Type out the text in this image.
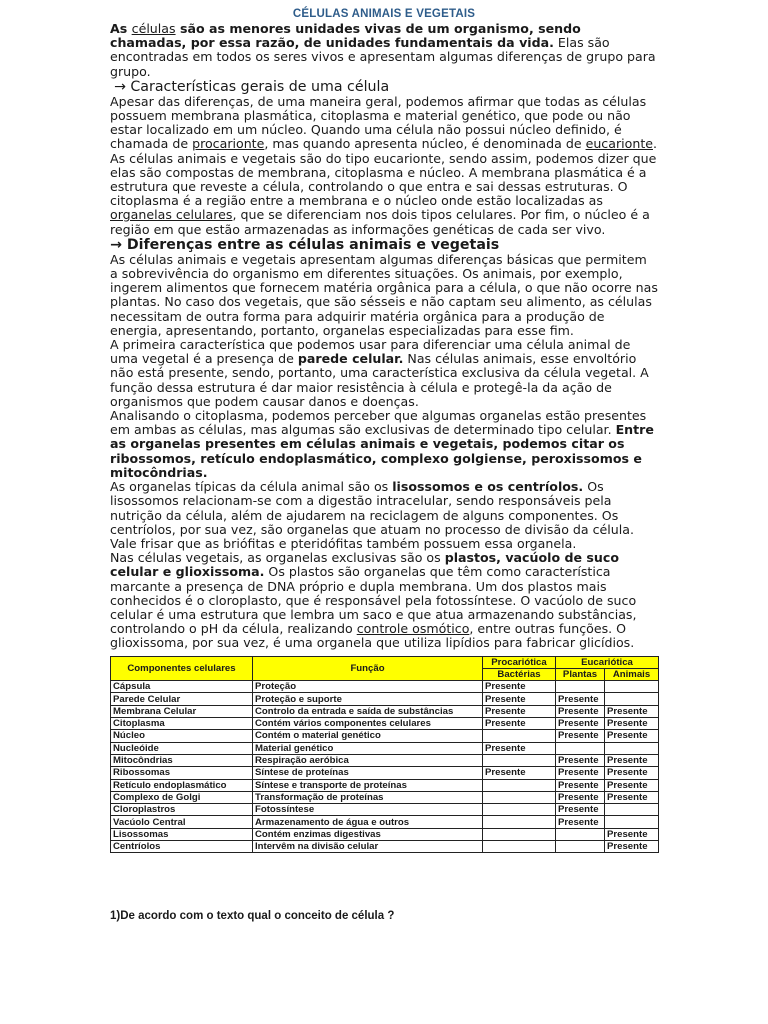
CÉLULAS ANIMAIS E VEGETAIS

As células são as menores unidades vivas de um organismo, sendo chamadas, por essa razão, de unidades fundamentais da vida. Elas são encontradas em todos os seres vivos e apresentam algumas diferenças de grupo para grupo.

→ Características gerais de uma célula

Apesar das diferenças, de uma maneira geral, podemos afirmar que todas as células possuem membrana plasmática, citoplasma e material genético, que pode ou não estar localizado em um núcleo. Quando uma célula não possui núcleo definido, é chamada de procarionte, mas quando apresenta núcleo, é denominada de eucarionte.

As células animais e vegetais são do tipo eucarionte, sendo assim, podemos dizer que elas são compostas de membrana, citoplasma e núcleo. A membrana plasmática é a estrutura que reveste a célula, controlando o que entra e sai dessas estruturas. O citoplasma é a região entre a membrana e o núcleo onde estão localizadas as organelas celulares, que se diferenciam nos dois tipos celulares. Por fim, o núcleo é a região em que estão armazenadas as informações genéticas de cada ser vivo.

→ Diferenças entre as células animais e vegetais

As células animais e vegetais apresentam algumas diferenças básicas que permitem a sobrevivência do organismo em diferentes situações. Os animais, por exemplo, ingerem alimentos que fornecem matéria orgânica para a célula, o que não ocorre nas plantas. No caso dos vegetais, que são sésseis e não captam seu alimento, as células necessitam de outra forma para adquirir matéria orgânica para a produção de energia, apresentando, portanto, organelas especializadas para esse fim.

A primeira característica que podemos usar para diferenciar uma célula animal de uma vegetal é a presença de parede celular. Nas células animais, esse envoltório não está presente, sendo, portanto, uma característica exclusiva da célula vegetal. A função dessa estrutura é dar maior resistência à célula e protegê-la da ação de organismos que podem causar danos e doenças.

Analisando o citoplasma, podemos perceber que algumas organelas estão presentes em ambas as células, mas algumas são exclusivas de determinado tipo celular. Entre as organelas presentes em células animais e vegetais, podemos citar os ribossomos, retículo endoplasmático, complexo golgiense, peroxissomos e mitocôndrias.

As organelas típicas da célula animal são os lisossomos e os centríolos. Os lisossomos relacionam-se com a digestão intracelular, sendo responsáveis pela nutrição da célula, além de ajudarem na reciclagem de alguns componentes. Os centríolos, por sua vez, são organelas que atuam no processo de divisão da célula. Vale frisar que as briófitas e pteridófitas também possuem essa organela.

Nas células vegetais, as organelas exclusivas são os plastos, vacúolo de suco celular e glioxissoma. Os plastos são organelas que têm como característica marcante a presença de DNA próprio e dupla membrana. Um dos plastos mais conhecidos é o cloroplasto, que é responsável pela fotossíntese. O vacúolo de suco celular é uma estrutura que lembra um saco e que atua armazenando substâncias, controlando o pH da célula, realizando controle osmótico, entre outras funções. O glioxissoma, por sua vez, é uma organela que utiliza lipídios para fabricar glicídios.

Componentes celulares	Função	Procariótica	Eucariótica	
		Bactérias	Plantas	Animais
Cápsula	Proteção	Presente		
Parede Celular	Proteção e suporte	Presente	Presente	
Membrana Celular	Controlo da entrada e saída de substâncias	Presente	Presente	Presente
Citoplasma	Contém vários componentes celulares	Presente	Presente	Presente
Núcleo	Contém o material genético		Presente	Presente
Nucleóide	Material genético	Presente		
Mitocôndrias	Respiração aeróbica		Presente	Presente
Ribossomas	Síntese de proteínas	Presente	Presente	Presente
Retículo endoplasmático	Síntese e transporte de proteínas		Presente	Presente
Complexo de Golgi	Transformação de proteínas		Presente	Presente
Cloroplastros	Fotossíntese		Presente	
Vacúolo Central	Armazenamento de água e outros		Presente	
Lisossomas	Contém enzimas digestivas			Presente
Centríolos	Intervêm na divisão celular			Presente
1)De acordo com o texto qual o conceito de célula ?
